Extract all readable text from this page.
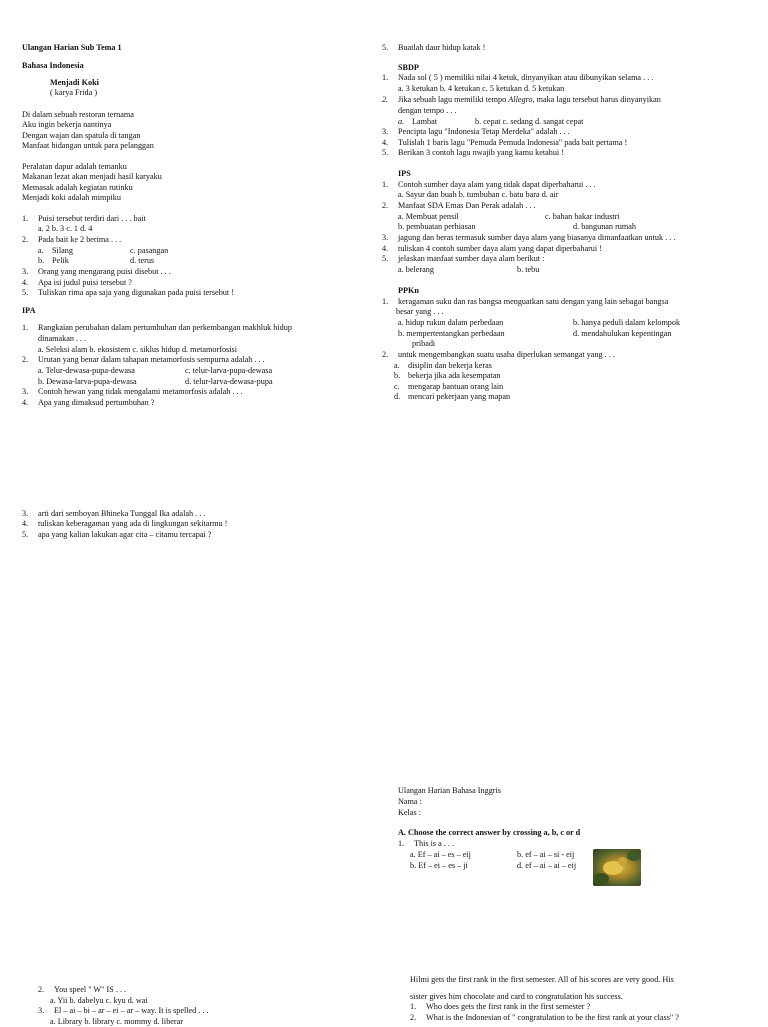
Ulangan Harian Sub Tema 1
Bahasa Indonesia
Menjadi Koki
( karya Frida )
Di dalam sebuah restoran ternama
Aku ingin bekerja nantinya
Dengan wajan dan spatula di tangan
Manfaat hidangan untuk para pelanggan
Peralatan dapur adalah temanku
Makanan lezat akan menjadi hasil karyaku
Memasak adalah kegiatan rutinku
Menjadi koki adalah mimpiku
1. Puisi tersebut terdiri dari . . . bait
a. 2 b. 3 c. 1 d. 4
2. Pada bait ke 2 berima . . .
a. Silang	c. pasangan
b. Pelik	d. terus
3. Orang yang mengarang puisi disebut . . .
4. Apa isi judul puisi tersebut ?
5. Tuliskan rima apa saja yang digunakan pada puisi tersebut !
IPA
1. Rangkaian perubahan dalam pertumbuhan dan perkembangan makhluk hidup
dinamakan . . .
a. Seleksi alam b. ekosistem c. siklus hidup d. metamorfosisi
2. Urutan yang benar dalam tahapan metamorfosis sempurna adalah . . .
a. Telur-dewasa-pupa-dewasa	c. telur-larva-pupa-dewasa
b. Dewasa-larva-pupa-dewasa	d. telur-larva-dewasa-pupa
3. Contoh hewan yang tidak mengalami metamorfosis adalah . . .
4. Apa yang dimaksud pertumbuhan ?
3. arti dari semboyan Bhineka Tunggal Ika adalah . . .
4. tuliskan keberagaman yang ada di lingkungan sekitarmu !
5. apa yang kalian lakukan agar cita – citamu tercapai ?
2. You speel " W" IS . . .
a. Yii b. dabelyu c. kyu d. wai
3. El – ai – bi – ar – ei – ar – way. It is spelled . . .
a. Library b. library c. mommy d. liberar
5. Buatlah daur hidup katak !
SBDP
1. Nada sol ( 5 ) memiliki nilai 4 ketuk, dinyanyikan atau dibunyikan selama . . .
a. 3 ketukan b. 4 ketukan c. 5 ketukan d. 5 ketukan
2. Jika sebuah lagu memiliki tempo Allegro, maka lagu tersebut harus dinyanyikan
dengan tempo . . .
a. Lambat	b. cepat c. sedang d. sangat cepat
3. Pencipta lagu "Indonesia Tetap Merdeka" adalah . . .
4. Tulislah 1 baris lagu "Pemuda Pemuda Indonesia" pada bait pertama !
5. Berikan 3 contoh lagu nwajib yang kamu ketahui !
IPS
1. Contoh sumber daya alam yang tidak dapat diperbaharui . . .
a. Sayur dan buah b. tumbuhan c. batu bara d. air
2. Manfaat SDA Emas Dan Perak adalah . . .
a. Membuat pensil	c. bahan bakar industri
b. pembuatan perhiasan	d. bangunan rumah
3. jagung dan beras termasuk sumber daya alam yang biasanya dimanfaatkan untuk . . .
4. tuliskan 4 contoh sumber daya alam yang dapat diperbaharui !
5. jelaskan manfaat sumber daya alam berikut :
a. belerang	b. tebu
PPKn
1. keragaman suku dan ras bangsa menguatkan satu dengan yang lain sebagai bangsa
besar yang . . .
a. hidup rukun dalam perbedaan	b. hanya peduli dalam kelompok
b. mempertentangkan perbedaan	d. mendahulukan kepentingan
pribadi
2. untuk mengembangkan suatu usaha diperlukan semangat yang . . .
a. disiplin dan bekerja keras
b. bekerja jika ada kesempatan
c. mengarap bantuan orang lain
d. mencari pekerjaan yang mapan
Ulangan Harian Bahasa Inggris
Nama :
Kelas :
A. Choose the correct answer by crossing a, b, c or d
1. This is a . . .
a. Ef – ai – es – eij	b. ef – ai – si - eij
b. Ef – ei – es – ji	d. ef – ai – ai – eij
Hilmi gets the first rank in the first semester. All of his scores are very good. His
sister gives him chocolate and card to congratulation his success.
1. Who does gets the first rank in the first semester ?
2. What is the Indonesian of " congratulation to be the first rank at your class" ?
